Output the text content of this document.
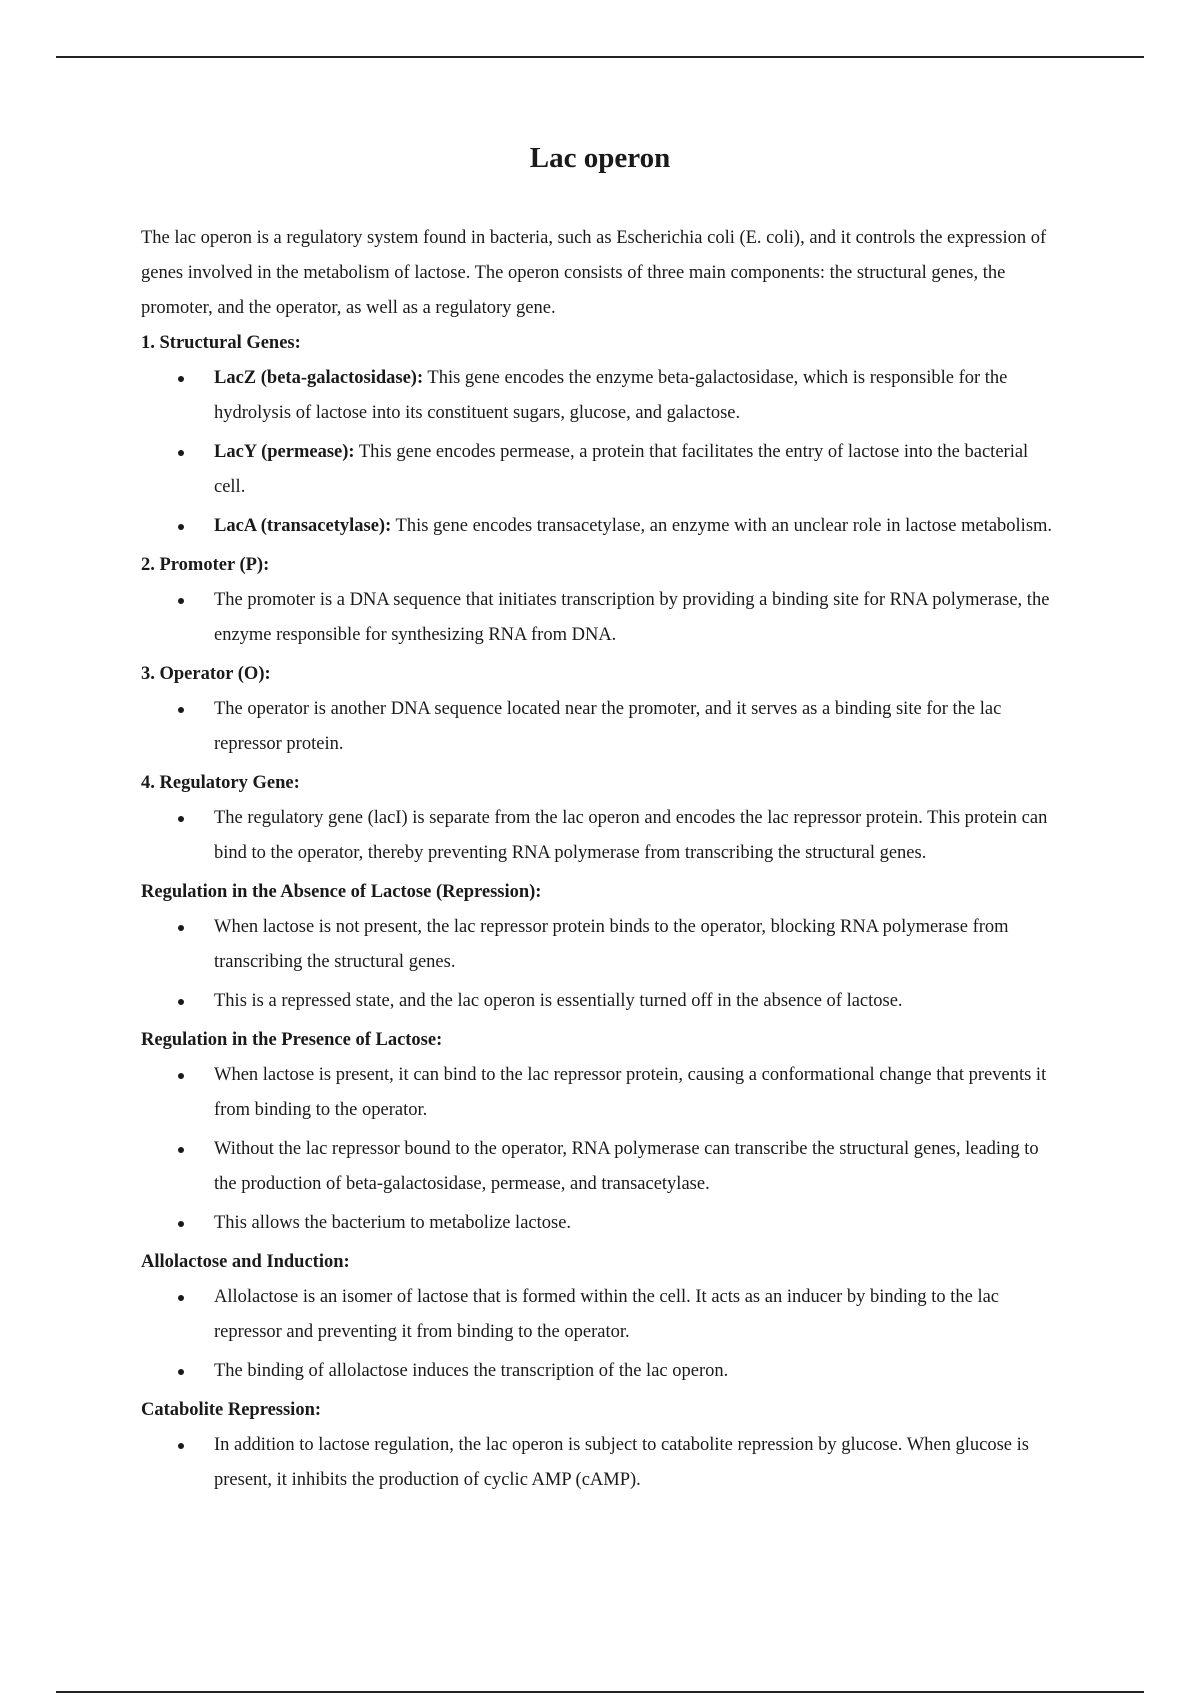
Lac operon

The lac operon is a regulatory system found in bacteria, such as Escherichia coli (E. coli), and it controls the expression of genes involved in the metabolism of lactose. The operon consists of three main components: the structural genes, the promoter, and the operator, as well as a regulatory gene.

1. Structural Genes:

LacZ (beta-galactosidase): This gene encodes the enzyme beta-galactosidase, which is responsible for the hydrolysis of lactose into its constituent sugars, glucose, and galactose.
LacY (permease): This gene encodes permease, a protein that facilitates the entry of lactose into the bacterial cell.
LacA (transacetylase): This gene encodes transacetylase, an enzyme with an unclear role in lactose metabolism.

2. Promoter (P):

The promoter is a DNA sequence that initiates transcription by providing a binding site for RNA polymerase, the enzyme responsible for synthesizing RNA from DNA.

3. Operator (O):

The operator is another DNA sequence located near the promoter, and it serves as a binding site for the lac repressor protein.

4. Regulatory Gene:

The regulatory gene (lacI) is separate from the lac operon and encodes the lac repressor protein. This protein can bind to the operator, thereby preventing RNA polymerase from transcribing the structural genes.

Regulation in the Absence of Lactose (Repression):

When lactose is not present, the lac repressor protein binds to the operator, blocking RNA polymerase from transcribing the structural genes.
This is a repressed state, and the lac operon is essentially turned off in the absence of lactose.

Regulation in the Presence of Lactose:

When lactose is present, it can bind to the lac repressor protein, causing a conformational change that prevents it from binding to the operator.
Without the lac repressor bound to the operator, RNA polymerase can transcribe the structural genes, leading to the production of beta-galactosidase, permease, and transacetylase.
This allows the bacterium to metabolize lactose.

Allolactose and Induction:

Allolactose is an isomer of lactose that is formed within the cell. It acts as an inducer by binding to the lac repressor and preventing it from binding to the operator.
The binding of allolactose induces the transcription of the lac operon.

Catabolite Repression:

In addition to lactose regulation, the lac operon is subject to catabolite repression by glucose. When glucose is present, it inhibits the production of cyclic AMP (cAMP).
